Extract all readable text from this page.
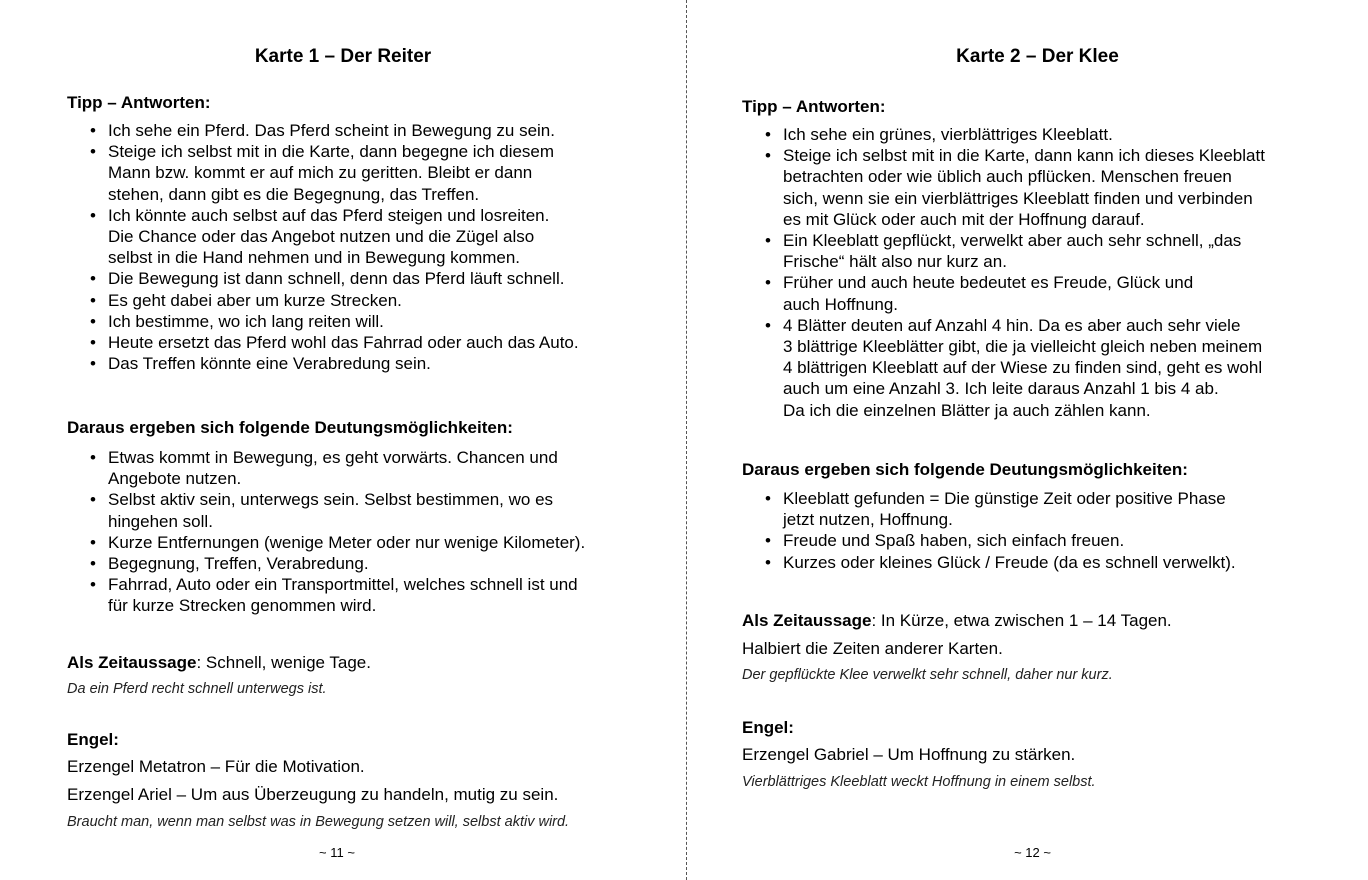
Karte 1 – Der Reiter
Tipp – Antworten:
• Ich sehe ein Pferd. Das Pferd scheint in Bewegung zu sein.
• Steige ich selbst mit in die Karte, dann begegne ich diesem
Mann bzw. kommt er auf mich zu geritten. Bleibt er dann
stehen, dann gibt es die Begegnung, das Treffen.
• Ich könnte auch selbst auf das Pferd steigen und losreiten.
Die Chance oder das Angebot nutzen und die Zügel also
selbst in die Hand nehmen und in Bewegung kommen.
• Die Bewegung ist dann schnell, denn das Pferd läuft schnell.
• Es geht dabei aber um kurze Strecken.
• Ich bestimme, wo ich lang reiten will.
• Heute ersetzt das Pferd wohl das Fahrrad oder auch das Auto.
• Das Treffen könnte eine Verabredung sein.
Daraus ergeben sich folgende Deutungsmöglichkeiten:
• Etwas kommt in Bewegung, es geht vorwärts. Chancen und
Angebote nutzen.
• Selbst aktiv sein, unterwegs sein. Selbst bestimmen, wo es
hingehen soll.
• Kurze Entfernungen (wenige Meter oder nur wenige Kilometer).
• Begegnung, Treffen, Verabredung.
• Fahrrad, Auto oder ein Transportmittel, welches schnell ist und
für kurze Strecken genommen wird.
Als Zeitaussage: Schnell, wenige Tage.
Da ein Pferd recht schnell unterwegs ist.
Engel:
Erzengel Metatron – Für die Motivation.
Erzengel Ariel – Um aus Überzeugung zu handeln, mutig zu sein.
Braucht man, wenn man selbst was in Bewegung setzen will, selbst aktiv wird.
~ 11 ~
Karte 2 – Der Klee
Tipp – Antworten:
• Ich sehe ein grünes, vierblättriges Kleeblatt.
• Steige ich selbst mit in die Karte, dann kann ich dieses Kleeblatt
betrachten oder wie üblich auch pflücken. Menschen freuen
sich, wenn sie ein vierblättriges Kleeblatt finden und verbinden
es mit Glück oder auch mit der Hoffnung darauf.
• Ein Kleeblatt gepflückt, verwelkt aber auch sehr schnell, „das
Frische“ hält also nur kurz an.
• Früher und auch heute bedeutet es Freude, Glück und
auch Hoffnung.
• 4 Blätter deuten auf Anzahl 4 hin. Da es aber auch sehr viele
3 blättrige Kleeblätter gibt, die ja vielleicht gleich neben meinem
4 blättrigen Kleeblatt auf der Wiese zu finden sind, geht es wohl
auch um eine Anzahl 3. Ich leite daraus Anzahl 1 bis 4 ab.
Da ich die einzelnen Blätter ja auch zählen kann.
Daraus ergeben sich folgende Deutungsmöglichkeiten:
• Kleeblatt gefunden = Die günstige Zeit oder positive Phase
jetzt nutzen, Hoffnung.
• Freude und Spaß haben, sich einfach freuen.
• Kurzes oder kleines Glück / Freude (da es schnell verwelkt).
Als Zeitaussage: In Kürze, etwa zwischen 1 – 14 Tagen.
Halbiert die Zeiten anderer Karten.
Der gepflückte Klee verwelkt sehr schnell, daher nur kurz.
Engel:
Erzengel Gabriel – Um Hoffnung zu stärken.
Vierblättriges Kleeblatt weckt Hoffnung in einem selbst.
~ 12 ~
